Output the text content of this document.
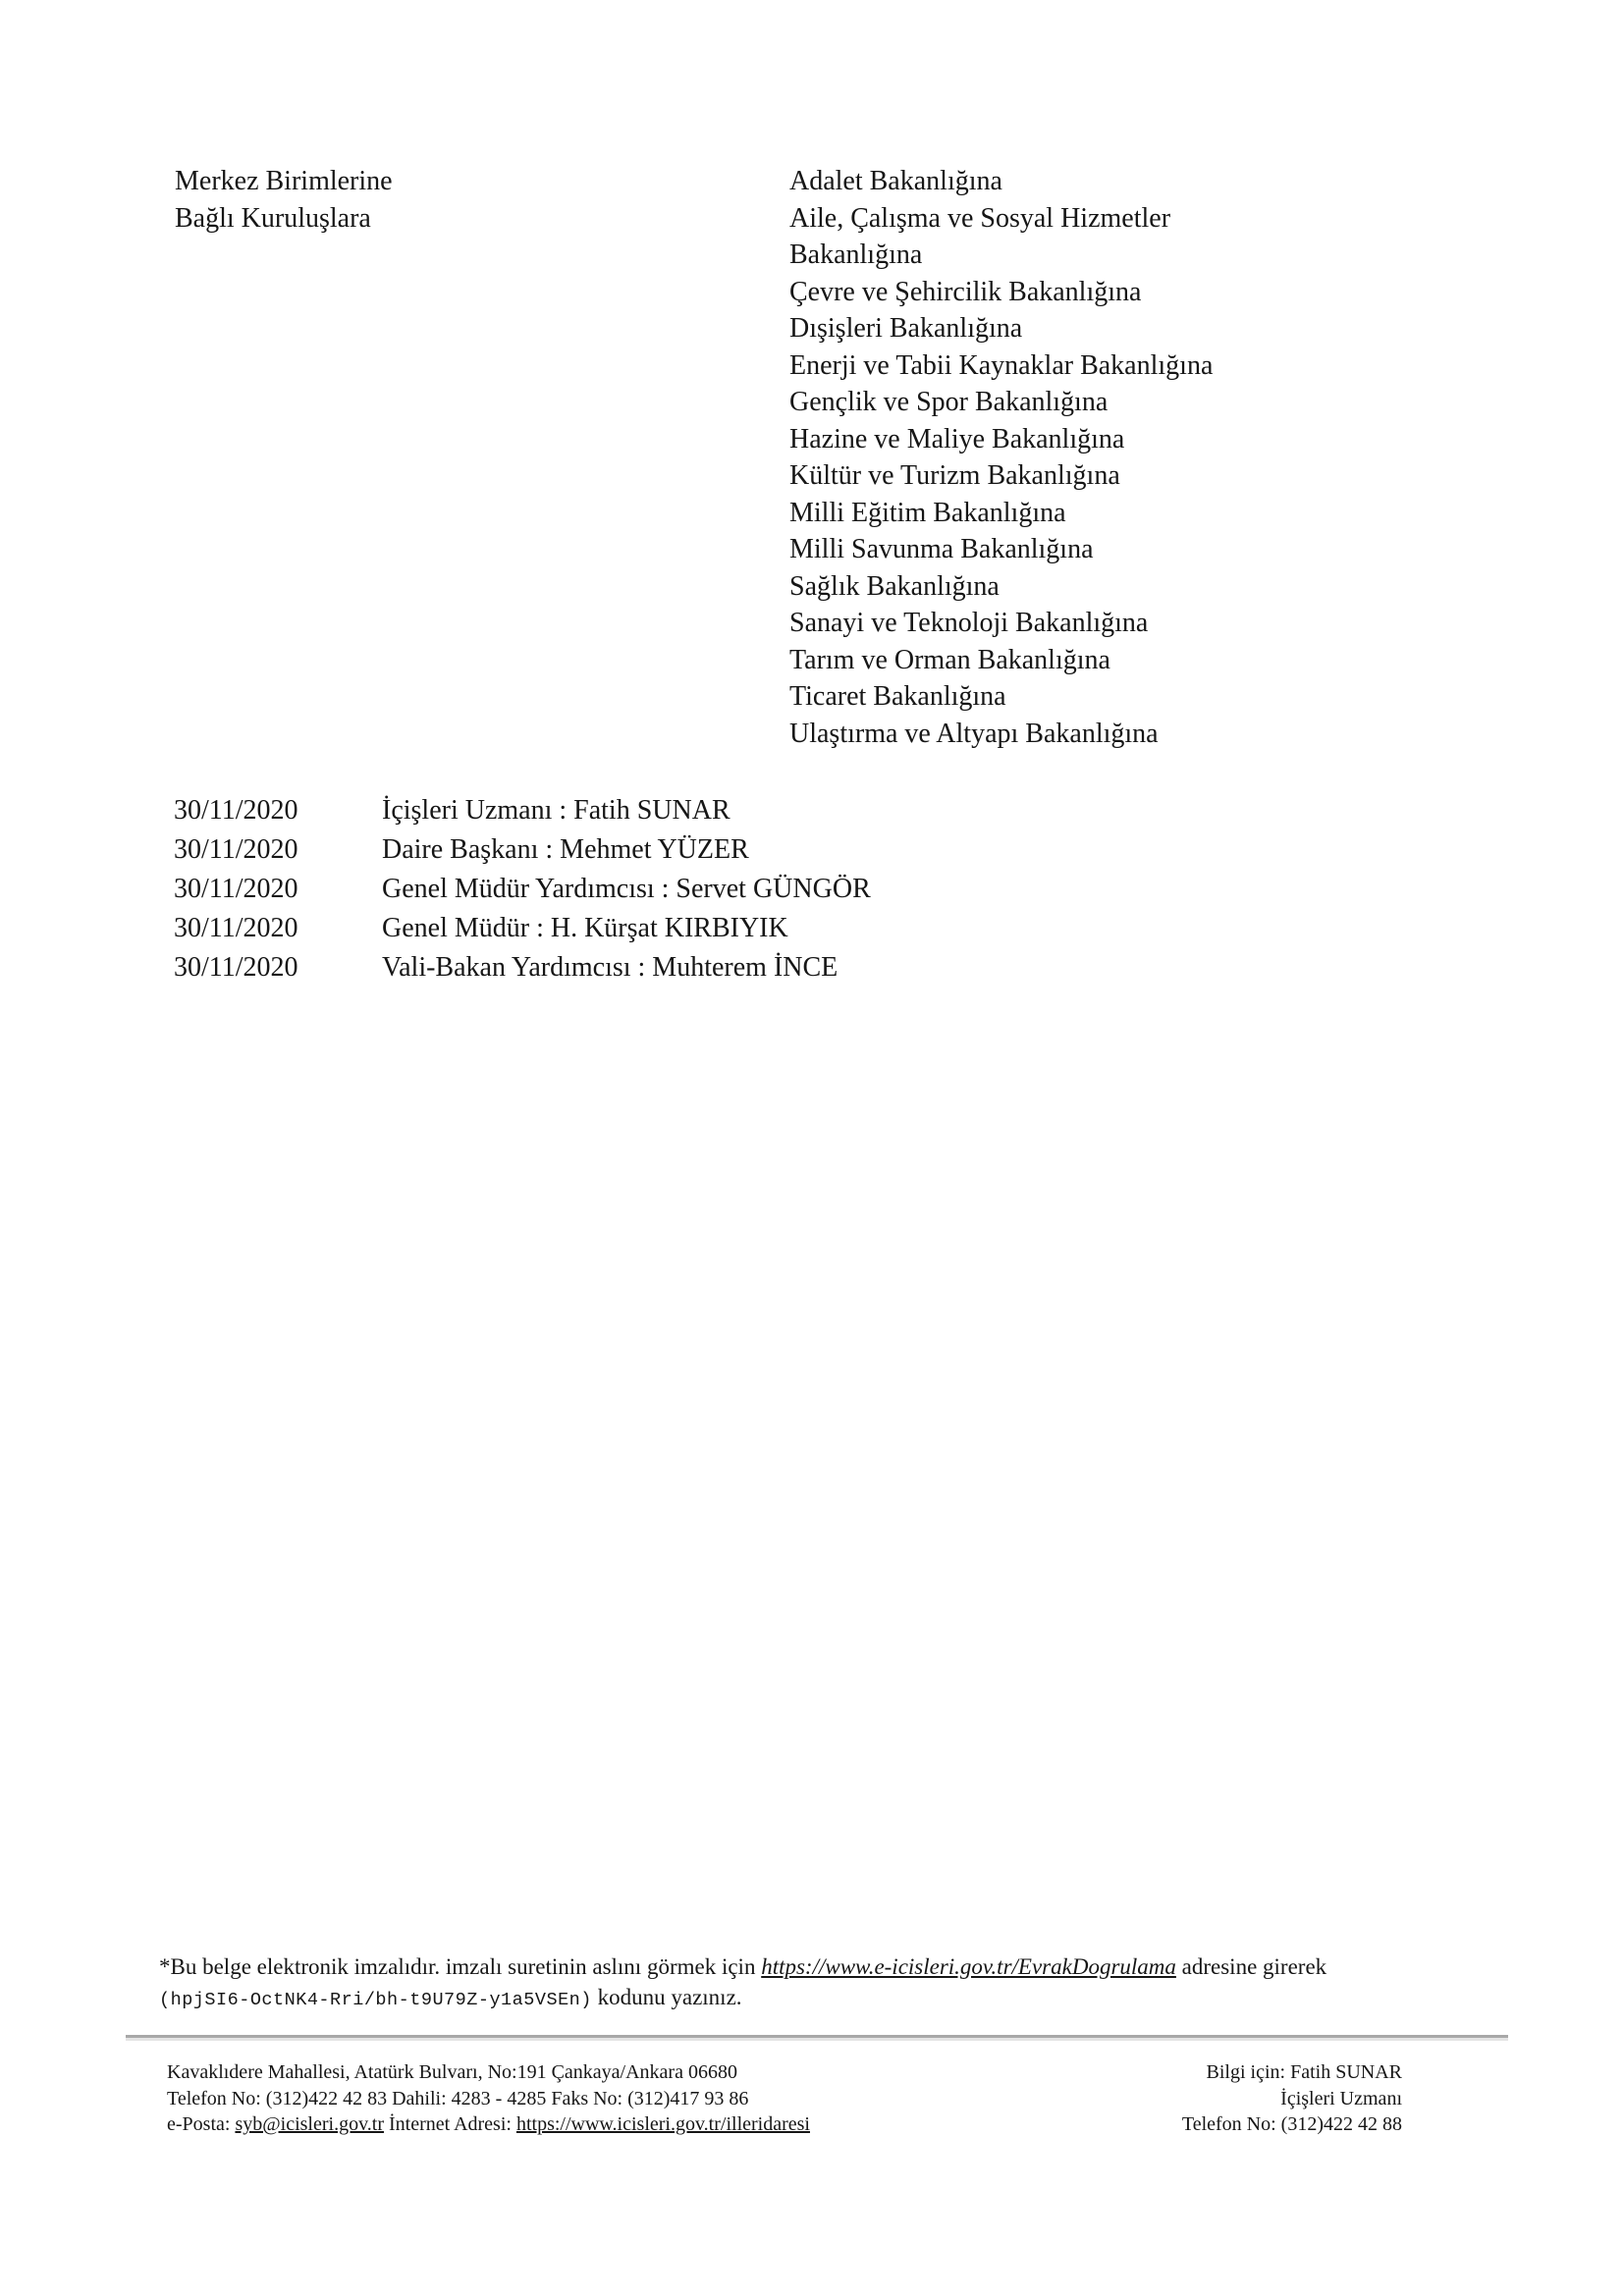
Merkez Birimlerine
Bağlı Kuruluşlara
Adalet Bakanlığına
Aile, Çalışma ve Sosyal Hizmetler Bakanlığına
Çevre ve Şehircilik Bakanlığına
Dışişleri Bakanlığına
Enerji ve Tabii Kaynaklar Bakanlığına
Gençlik ve Spor Bakanlığına
Hazine ve Maliye Bakanlığına
Kültür ve Turizm Bakanlığına
Milli Eğitim Bakanlığına
Milli Savunma Bakanlığına
Sağlık Bakanlığına
Sanayi ve Teknoloji Bakanlığına
Tarım ve Orman Bakanlığına
Ticaret Bakanlığına
Ulaştırma ve Altyapı Bakanlığına
30/11/2020	İçişleri Uzmanı : Fatih SUNAR
30/11/2020	Daire Başkanı : Mehmet YÜZER
30/11/2020	Genel Müdür Yardımcısı : Servet GÜNGÖR
30/11/2020	Genel Müdür : H. Kürşat KIRBIYIK
30/11/2020	Vali-Bakan Yardımcısı : Muhterem İNCE
*Bu belge elektronik imzalıdır. imzalı suretinin aslını görmek için https://www.e-icisleri.gov.tr/EvrakDogrulama adresine girerek (hpjSI6-OctNK4-Rri/bh-t9U79Z-y1a5VSEn) kodunu yazınız.
Kavaklıdere Mahallesi, Atatürk Bulvarı, No:191 Çankaya/Ankara 06680
Telefon No: (312)422 42 83 Dahili: 4283 - 4285 Faks No: (312)417 93 86
e-Posta: syb@icisleri.gov.tr İnternet Adresi: https://www.icisleri.gov.tr/illeridaresi
Bilgi için: Fatih SUNAR
İçişleri Uzmanı
Telefon No: (312)422 42 88
